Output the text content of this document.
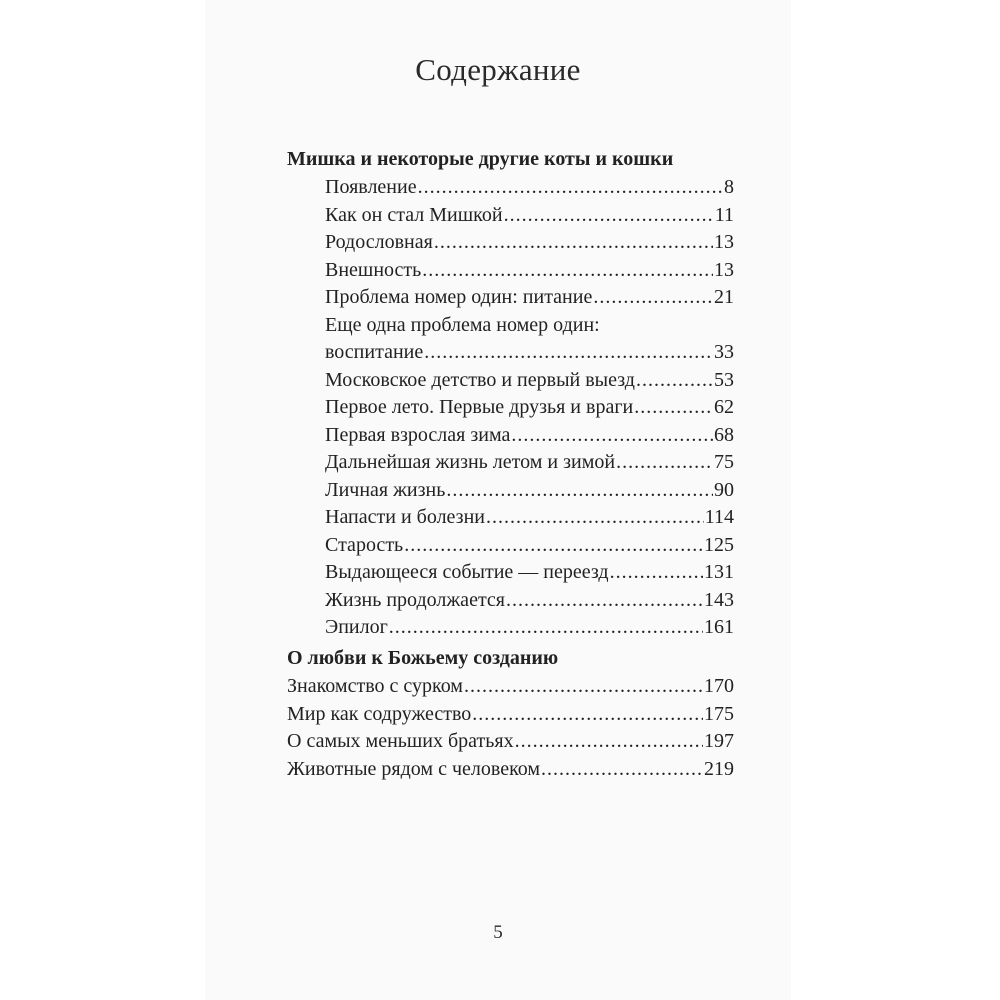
Содержание
Мишка и некоторые другие коты и кошки
Появление .....	8
Как он стал Мишкой .....	11
Родословная .....	13
Внешность .....	13
Проблема номер один: питание .....	21
Еще одна проблема номер один:
воспитание .....	33
Московское детство и первый выезд .....	53
Первое лето. Первые друзья и враги .....	62
Первая взрослая зима .....	68
Дальнейшая жизнь летом и зимой .....	75
Личная жизнь .....	90
Напасти и болезни .....	114
Старость .....	125
Выдающееся событие — переезд .....	131
Жизнь продолжается .....	143
Эпилог .....	161
О любви к Божьему созданию
Знакомство с сурком .....	170
Мир как содружество .....	175
О самых меньших братьях .....	197
Животные рядом с человеком .....	219
5
